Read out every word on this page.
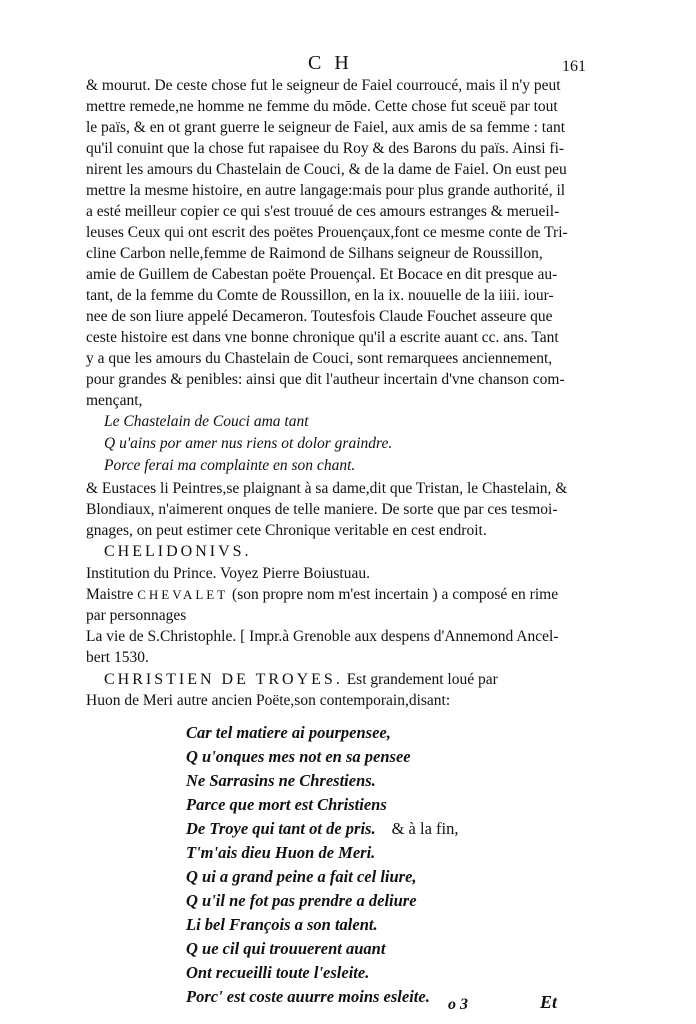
C H	161
& mourut. De ceste chose fut le seigneur de Faiel courroucé, mais il n'y peut
mettre remede,ne homme ne femme du mōde. Cette chose fut sceuë par tout
le païs, & en ot grant guerre le seigneur de Faiel, aux amis de sa femme : tant
qu'il conuint que la chose fut rapaisee du Roy & des Barons du païs. Ainsi fi-
nirent les amours du Chastelain de Couci, & de la dame de Faiel. On eust peu
mettre la mesme histoire, en autre langage:mais pour plus grande authorité, il
a esté meilleur copier ce qui s'est trouué de ces amours estranges & merueil-
leuses Ceux qui ont escrit des poëtes Prouençaux,font ce mesme conte de Tri-
cline Carbon nelle,femme de Raimond de Silhans seigneur de Roussillon,
amie de Guillem de Cabestan poëte Prouençal. Et Bocace en dit presque au-
tant, de la femme du Comte de Roussillon, en la ix. nouuelle de la iiii. iour-
nee de son liure appelé Decameron. Toutesfois Claude Fouchet asseure que
ceste histoire est dans vne bonne chronique qu'il a escrite auant cc. ans. Tant
y a que les amours du Chastelain de Couci, sont remarquees anciennement,
pour grandes & penibles: ainsi que dit l'autheur incertain d'vne chanson com-
mençant,
Le Chastelain de Couci ama tant
Q u'ains por amer nus riens ot dolor graindre.
Porce ferai ma complainte en son chant.
& Eustaces li Peintres,se plaignant à sa dame,dit que Tristan, le Chastelain, &
Blondiaux, n'aimerent onques de telle maniere. De sorte que par ces tesmoi-
gnages, on peut estimer cete Chronique veritable en cest endroit.
CHELIDONIVS.
Institution du Prince. Voyez Pierre Boiustuau.
Maistre CHEVALET (son propre nom m'est incertain ) a composé en rime
par personnages
La vie de S.Christophle. [ Impr.à Grenoble aux despens d'Annemond Ancel-
bert 1530.
CHRISTIEN DE TROYES. Est grandement loué par
Huon de Meri autre ancien Poëte,son contemporain,disant:
Car tel matiere ai pourpensee,
Q u'onques mes not en sa pensee
Ne Sarrasins ne Chrestiens.
Parce que mort est Christiens
De Troye qui tant ot de pris. & à la fin,
T'm'ais dieu Huon de Meri.
Q ui a grand peine a fait cel liure,
Q u'il ne fot pas prendre a deliure
Li bel François a son talent.
Q ue cil qui trouuerent auant
Ont recueilli toute l'esleite.
Porc' est coste auurre moins esleite. o 3	Et
